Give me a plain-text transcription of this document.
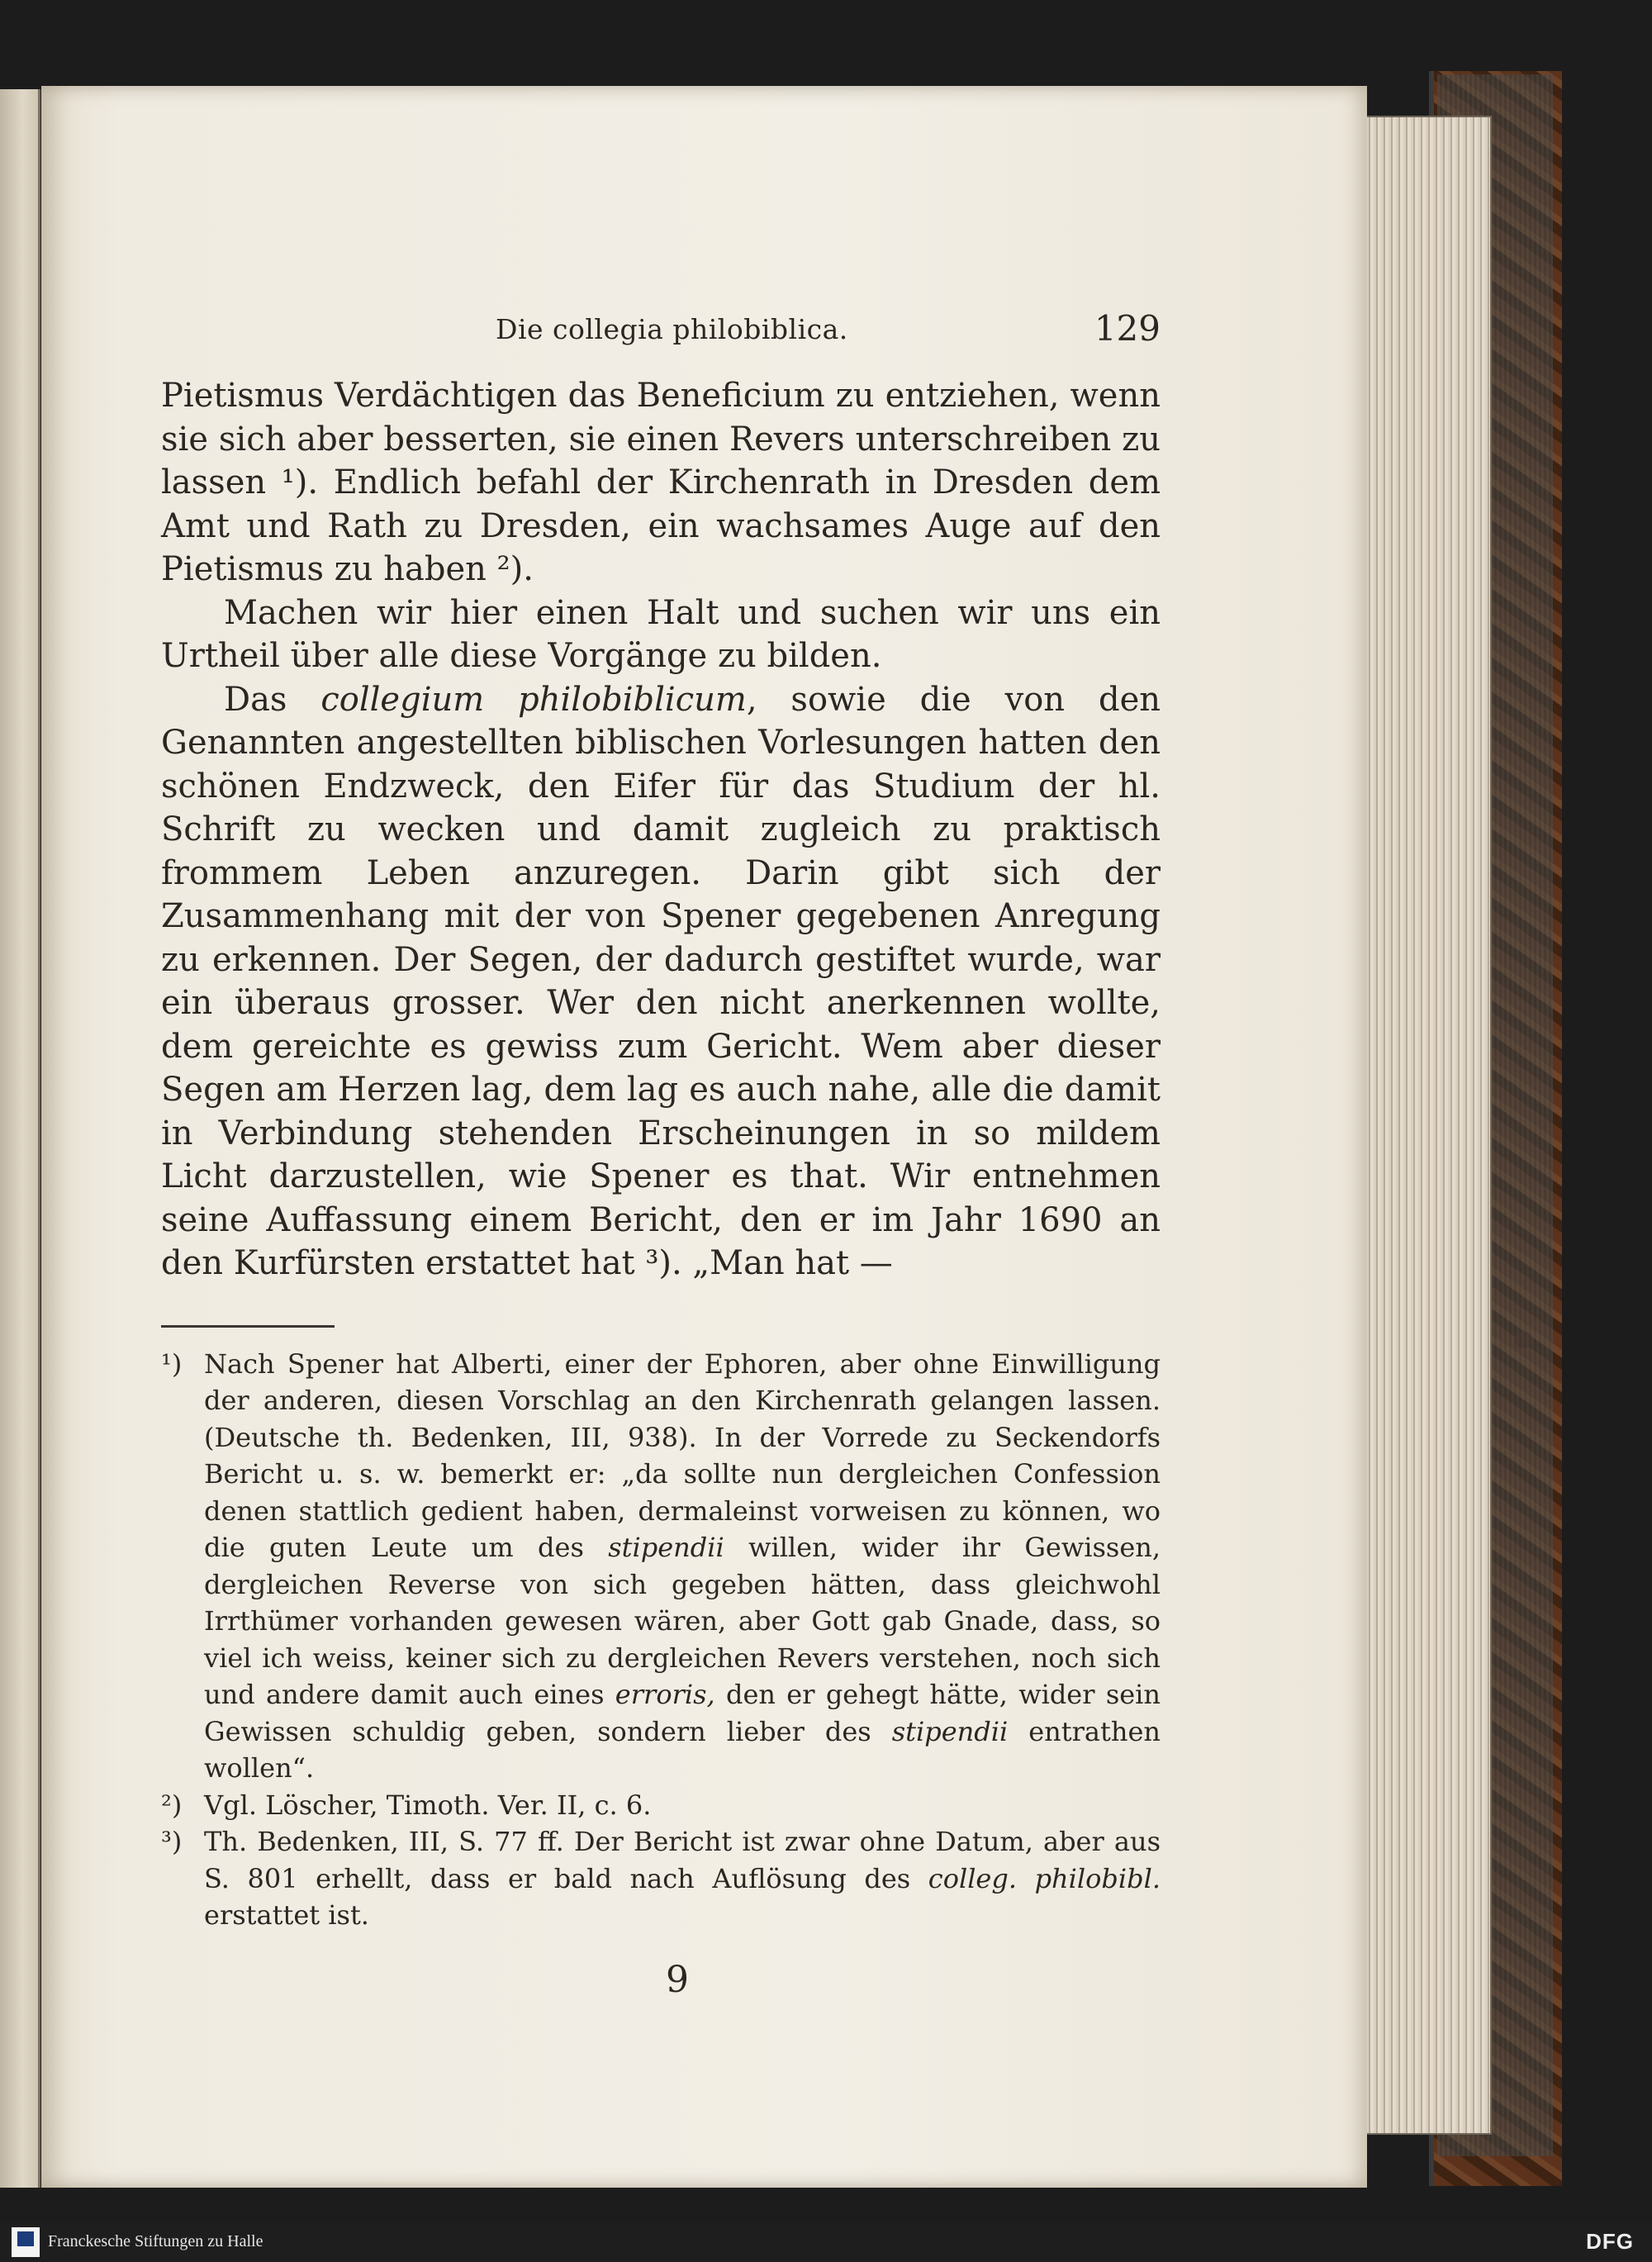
Die collegia philobiblica.	129

Pietismus Verdächtigen das Beneficium zu entziehen, wenn sie sich aber besserten, sie einen Revers unterschreiben zu lassen ¹). Endlich befahl der Kirchenrath in Dresden dem Amt und Rath zu Dresden, ein wachsames Auge auf den Pietismus zu haben ²).

Machen wir hier einen Halt und suchen wir uns ein Urtheil über alle diese Vorgänge zu bilden.

Das collegium philobiblicum, sowie die von den Genannten angestellten biblischen Vorlesungen hatten den schönen Endzweck, den Eifer für das Studium der hl. Schrift zu wecken und damit zugleich zu praktisch frommem Leben anzuregen. Darin gibt sich der Zusammenhang mit der von Spener gegebenen Anregung zu erkennen. Der Segen, der dadurch gestiftet wurde, war ein überaus grosser. Wer den nicht anerkennen wollte, dem gereichte es gewiss zum Gericht. Wem aber dieser Segen am Herzen lag, dem lag es auch nahe, alle die damit in Verbindung stehenden Erscheinungen in so mildem Licht darzustellen, wie Spener es that. Wir entnehmen seine Auffassung einem Bericht, den er im Jahr 1690 an den Kurfürsten erstattet hat ³). „Man hat —

¹) Nach Spener hat Alberti, einer der Ephoren, aber ohne Einwilligung der anderen, diesen Vorschlag an den Kirchenrath gelangen lassen. (Deutsche th. Bedenken, III, 938). In der Vorrede zu Seckendorfs Bericht u. s. w. bemerkt er: „da sollte nun dergleichen Confession denen stattlich gedient haben, dermaleinst vorweisen zu können, wo die guten Leute um des stipendii willen, wider ihr Gewissen, dergleichen Reverse von sich gegeben hätten, dass gleichwohl Irrthümer vorhanden gewesen wären, aber Gott gab Gnade, dass, so viel ich weiss, keiner sich zu dergleichen Revers verstehen, noch sich und andere damit auch eines erroris, den er gehegt hätte, wider sein Gewissen schuldig geben, sondern lieber des stipendii entrathen wollen“.

²) Vgl. Löscher, Timoth. Ver. II, c. 6.

³) Th. Bedenken, III, S. 77 ff. Der Bericht ist zwar ohne Datum, aber aus S. 801 erhellt, dass er bald nach Auflösung des colleg. philobibl. erstattet ist.

9
Franckesche Stiftungen zu Halle	DFG
